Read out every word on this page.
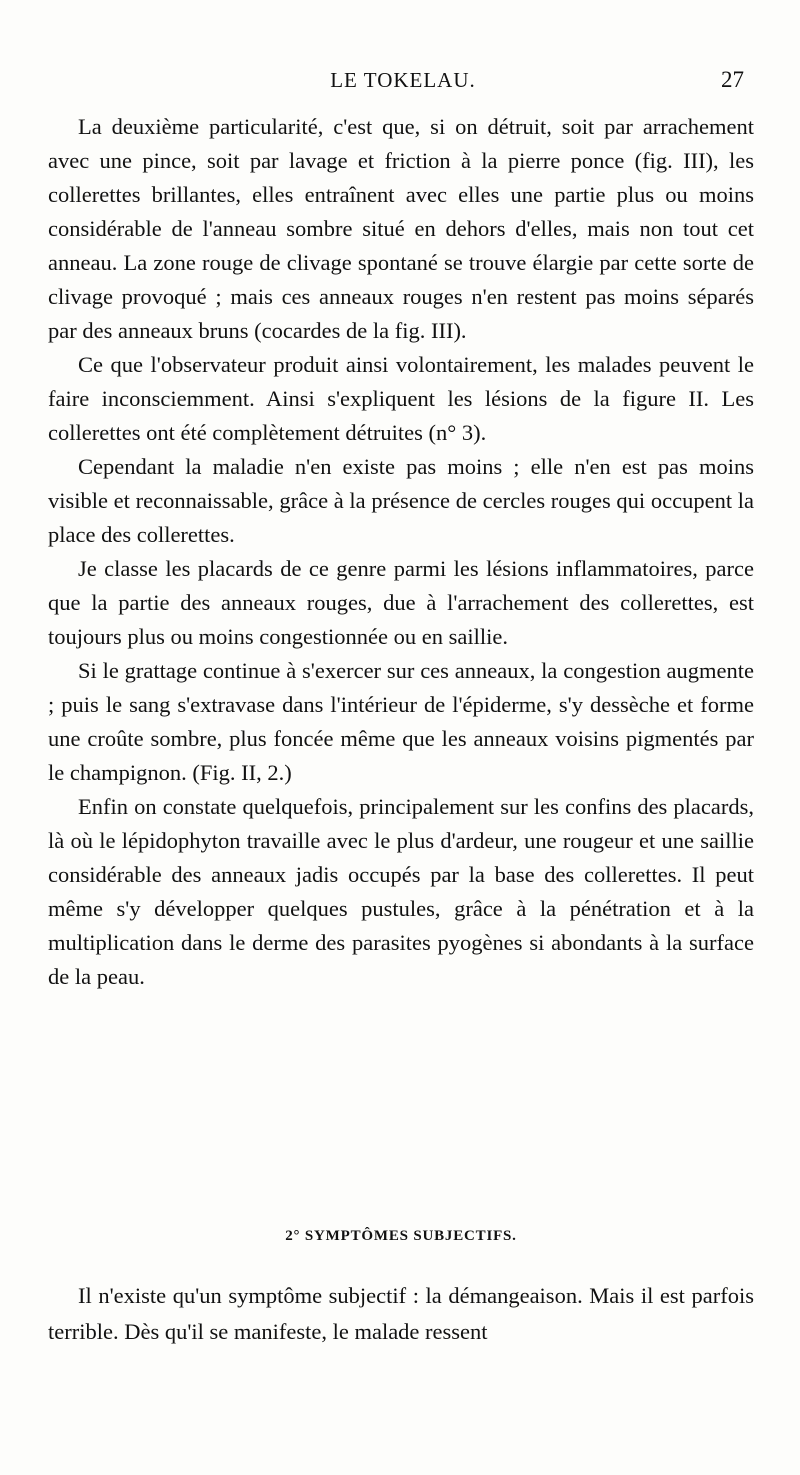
LE TOKELAU.	27

La deuxième particularité, c'est que, si on détruit, soit par arrachement avec une pince, soit par lavage et friction à la pierre ponce (fig. III), les collerettes brillantes, elles entraînent avec elles une partie plus ou moins considérable de l'anneau sombre situé en dehors d'elles, mais non tout cet anneau. La zone rouge de clivage spontané se trouve élargie par cette sorte de clivage provoqué ; mais ces anneaux rouges n'en restent pas moins séparés par des anneaux bruns (cocardes de la fig. III).

Ce que l'observateur produit ainsi volontairement, les malades peuvent le faire inconsciemment. Ainsi s'expliquent les lésions de la figure II. Les collerettes ont été complètement détruites (n° 3).

Cependant la maladie n'en existe pas moins ; elle n'en est pas moins visible et reconnaissable, grâce à la présence de cercles rouges qui occupent la place des collerettes.

Je classe les placards de ce genre parmi les lésions inflammatoires, parce que la partie des anneaux rouges, due à l'arrachement des collerettes, est toujours plus ou moins congestionnée ou en saillie.

Si le grattage continue à s'exercer sur ces anneaux, la congestion augmente ; puis le sang s'extravase dans l'intérieur de l'épiderme, s'y dessèche et forme une croûte sombre, plus foncée même que les anneaux voisins pigmentés par le champignon. (Fig. II, 2.)

Enfin on constate quelquefois, principalement sur les confins des placards, là où le lépidophyton travaille avec le plus d'ardeur, une rougeur et une saillie considérable des anneaux jadis occupés par la base des collerettes. Il peut même s'y développer quelques pustules, grâce à la pénétration et à la multiplication dans le derme des parasites pyogènes si abondants à la surface de la peau.

2° SYMPTÔMES SUBJECTIFS.

Il n'existe qu'un symptôme subjectif : la démangeaison. Mais il est parfois terrible. Dès qu'il se manifeste, le malade ressent
